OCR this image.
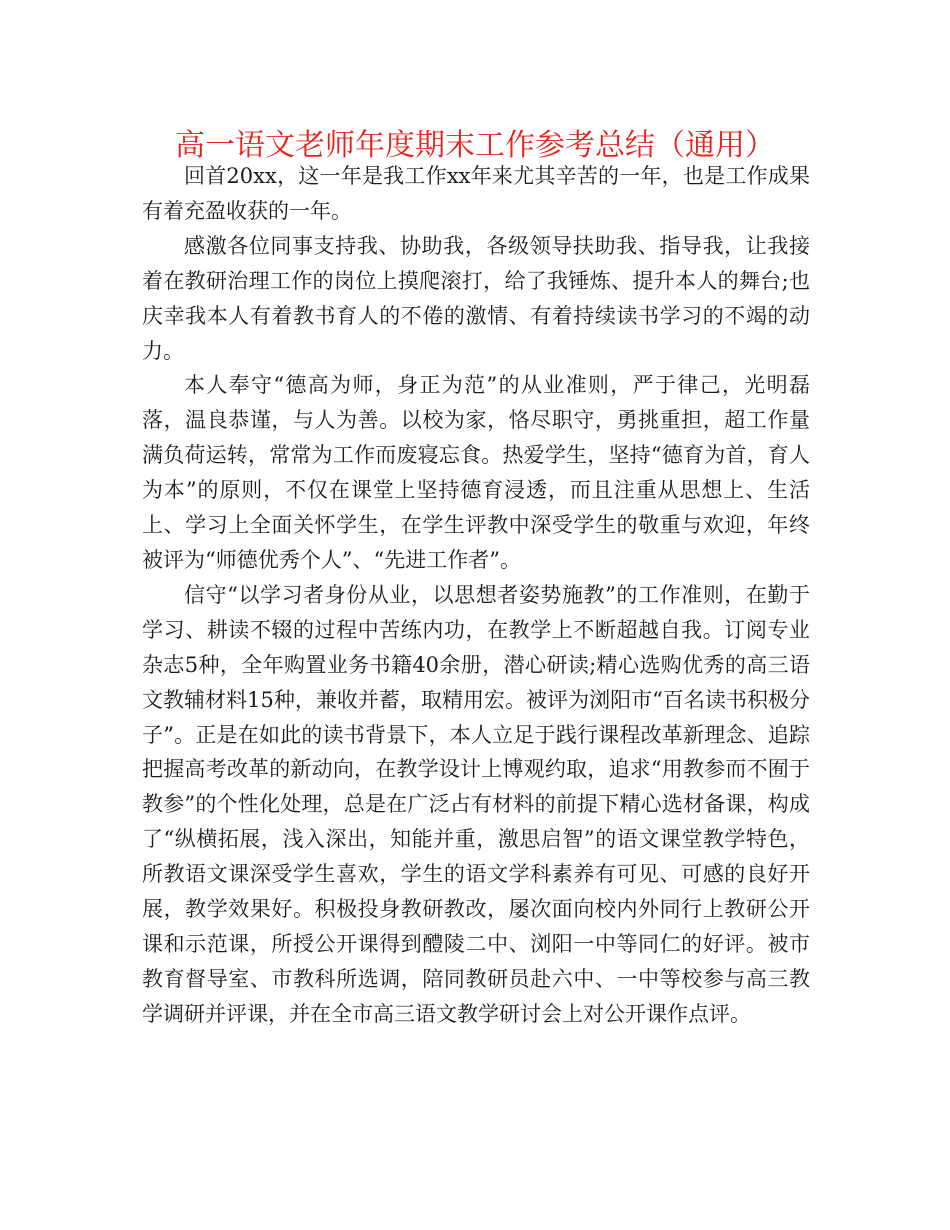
高一语文老师年度期末工作参考总结（通用）

回首20xx，这一年是我工作xx年来尤其辛苦的一年，也是工作成果有着充盈收获的一年。

感激各位同事支持我、协助我，各级领导扶助我、指导我，让我接着在教研治理工作的岗位上摸爬滚打，给了我锤炼、提升本人的舞台;也庆幸我本人有着教书育人的不倦的激情、有着持续读书学习的不竭的动力。

本人奉守“德高为师，身正为范”的从业准则，严于律己，光明磊落，温良恭谨，与人为善。以校为家，恪尽职守，勇挑重担，超工作量满负荷运转，常常为工作而废寝忘食。热爱学生，坚持“德育为首，育人为本”的原则，不仅在课堂上坚持德育浸透，而且注重从思想上、生活上、学习上全面关怀学生，在学生评教中深受学生的敬重与欢迎，年终被评为“师德优秀个人”、“先进工作者”。

信守“以学习者身份从业，以思想者姿势施教”的工作准则，在勤于学习、耕读不辍的过程中苦练内功，在教学上不断超越自我。订阅专业杂志5种，全年购置业务书籍40余册，潜心研读;精心选购优秀的高三语文教辅材料15种，兼收并蓄，取精用宏。被评为浏阳市“百名读书积极分子”。正是在如此的读书背景下，本人立足于践行课程改革新理念、追踪把握高考改革的新动向，在教学设计上博观约取，追求“用教参而不囿于教参”的个性化处理，总是在广泛占有材料的前提下精心选材备课，构成了“纵横拓展，浅入深出，知能并重，激思启智”的语文课堂教学特色，所教语文课深受学生喜欢，学生的语文学科素养有可见、可感的良好开展，教学效果好。积极投身教研教改，屡次面向校内外同行上教研公开课和示范课，所授公开课得到醴陵二中、浏阳一中等同仁的好评。被市教育督导室、市教科所选调，陪同教研员赴六中、一中等校参与高三教学调研并评课，并在全市高三语文教学研讨会上对公开课作点评。
